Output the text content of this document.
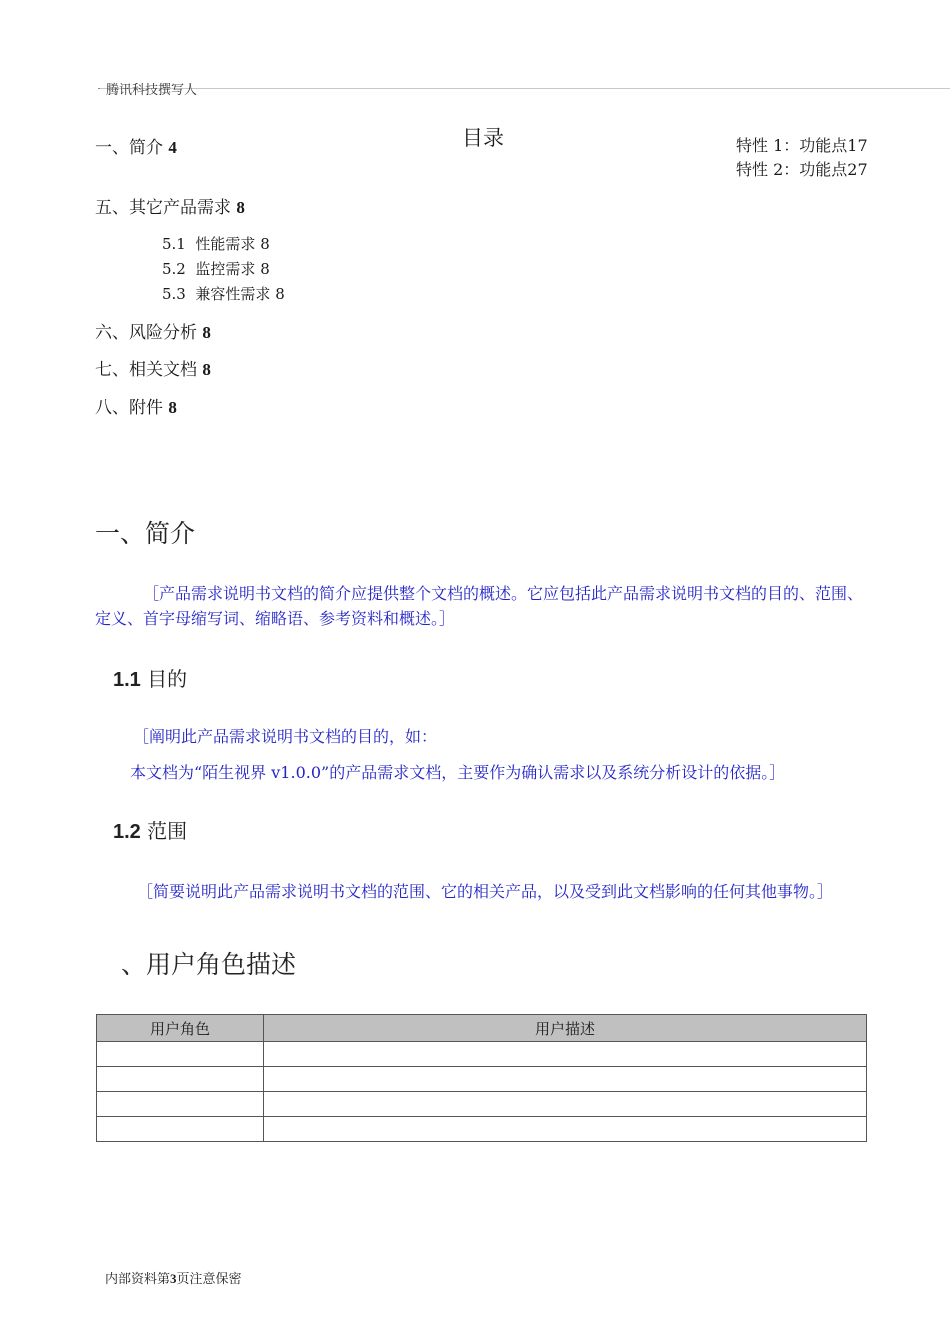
腾讯科技撰写人
目录
一、简介 4
五、其它产品需求 8
5.1 性能需求 8
5.2 监控需求 8
5.3 兼容性需求 8
六、风险分析 8
七、相关文档 8
八、附件 8
特性 1：功能点17
特性 2：功能点27
一、简介
［产品需求说明书文档的简介应提供整个文档的概述。它应包括此产品需求说明书文档的目的、范围、定义、首字母缩写词、缩略语、参考资料和概述。］
1.1 目的
［阐明此产品需求说明书文档的目的，如：
本文档为“陌生视界 v1.0.0”的产品需求文档，主要作为确认需求以及系统分析设计的依据。］
1.2 范围
［简要说明此产品需求说明书文档的范围、它的相关产品，以及受到此文档影响的任何其他事物。］
、用户角色描述
用户角色	用户描述

内部资料第3页注意保密
